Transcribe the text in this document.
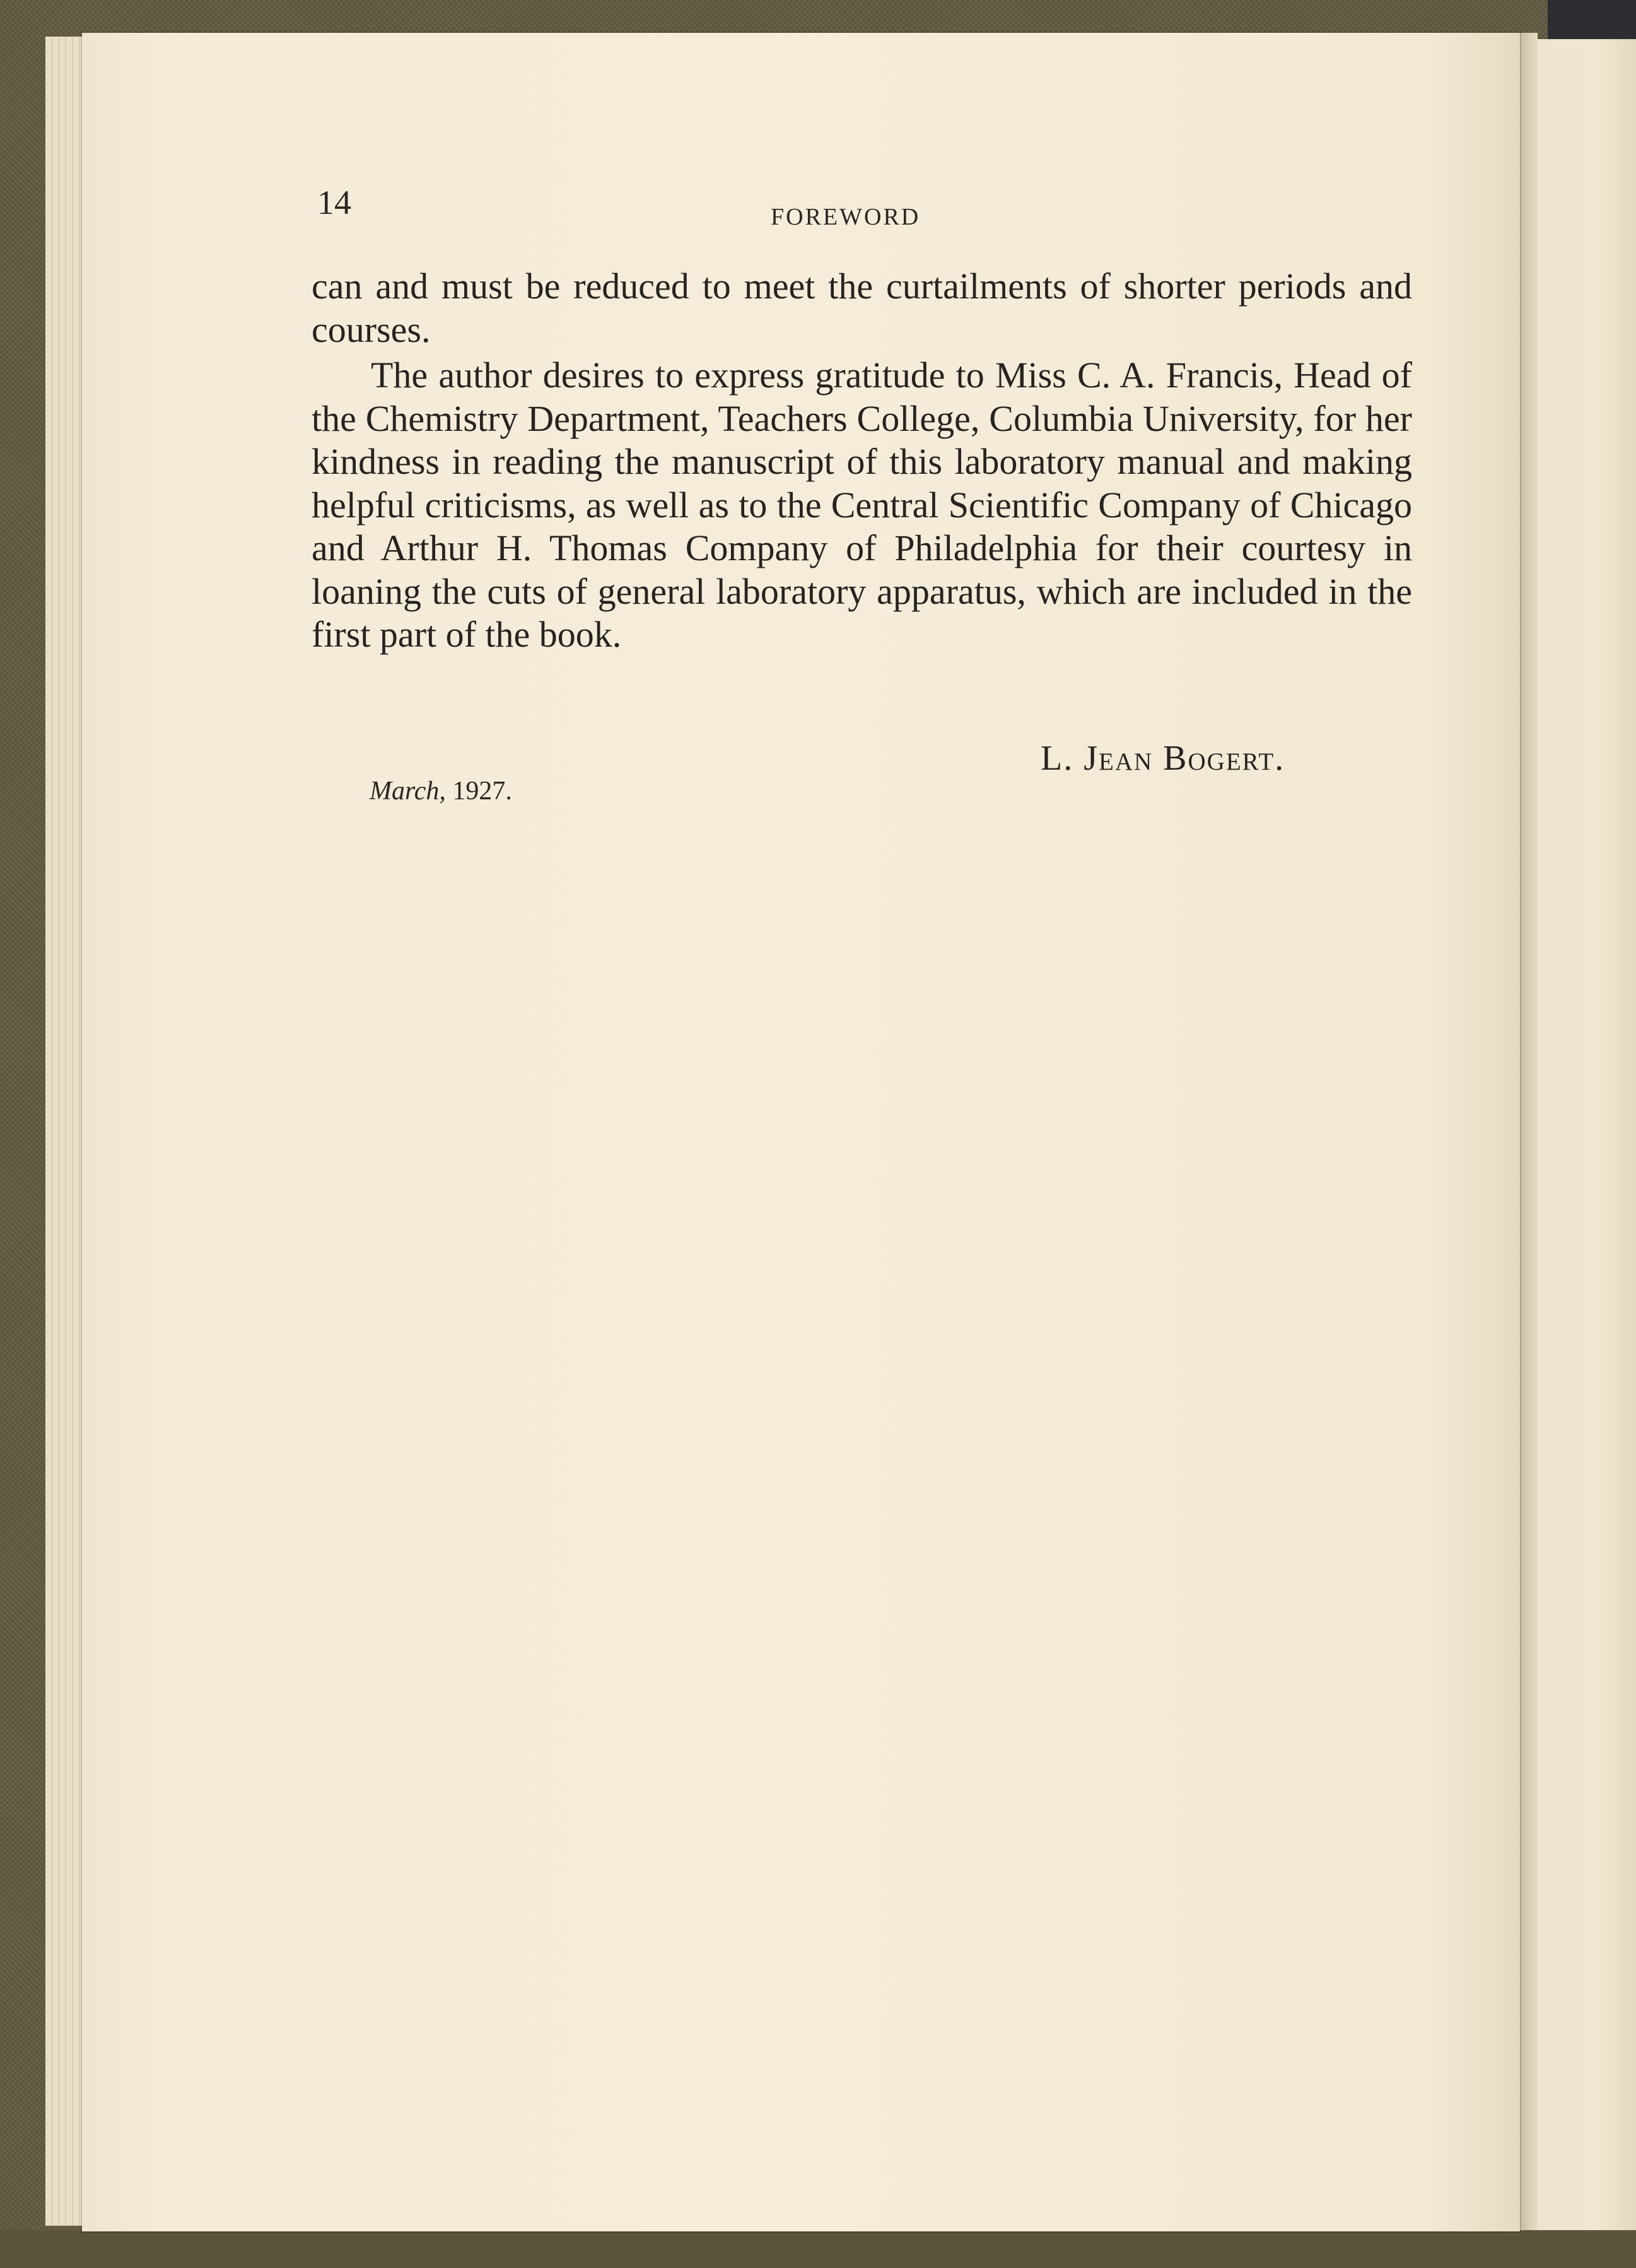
14	FOREWORD

can and must be reduced to meet the curtailments of shorter periods and courses.

The author desires to express gratitude to Miss C. A. Francis, Head of the Chemistry Department, Teachers College, Columbia University, for her kindness in reading the manuscript of this laboratory manual and making helpful criticisms, as well as to the Central Scientific Company of Chicago and Arthur H. Thomas Company of Philadelphia for their courtesy in loaning the cuts of general laboratory apparatus, which are included in the first part of the book.

L. Jean Bogert.
March, 1927.
